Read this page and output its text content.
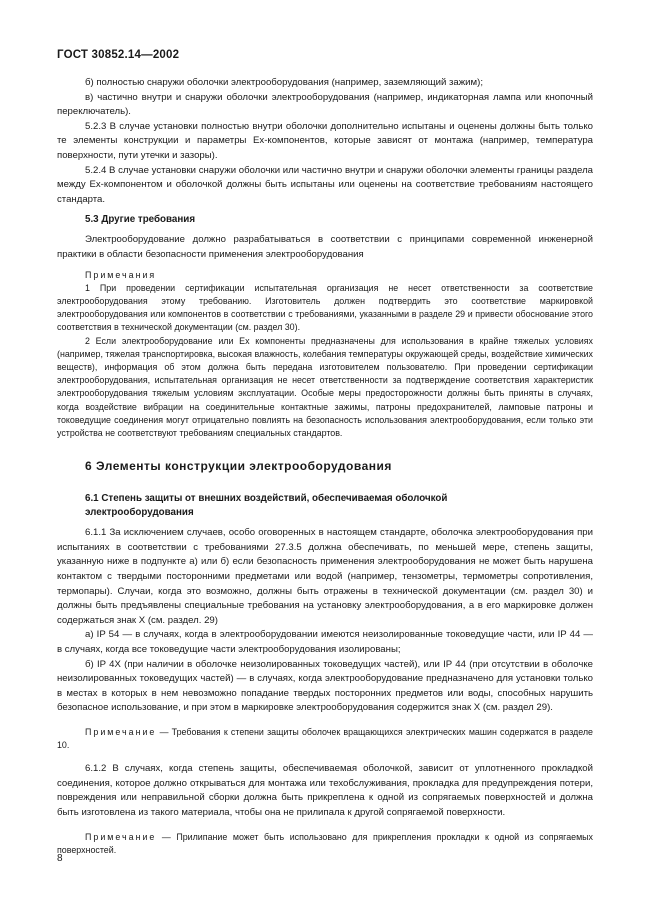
ГОСТ 30852.14—2002

б) полностью снаружи оболочки электрооборудования (например, заземляющий зажим);

в) частично внутри и снаружи оболочки электрооборудования (например, индикаторная лампа или кнопочный переключатель).

5.2.3 В случае установки полностью внутри оболочки дополнительно испытаны и оценены должны быть только те элементы конструкции и параметры Ex-компонентов, которые зависят от монтажа (например, температура поверхности, пути утечки и зазоры).

5.2.4 В случае установки снаружи оболочки или частично внутри и снаружи оболочки элементы границы раздела между Ex-компонентом и оболочкой должны быть испытаны или оценены на соответствие требованиям настоящего стандарта.

5.3 Другие требования

Электрооборудование должно разрабатываться в соответствии с принципами современной инженерной практики в области безопасности применения электрооборудования

Примечания

1 При проведении сертификации испытательная организация не несет ответственности за соответствие электрооборудования этому требованию. Изготовитель должен подтвердить это соответствие маркировкой электрооборудования или компонентов в соответствии с требованиями, указанными в разделе 29 и привести обоснование этого соответствия в технической документации (см. раздел 30).

2 Если электрооборудование или Ex компоненты предназначены для использования в крайне тяжелых условиях (например, тяжелая транспортировка, высокая влажность, колебания температуры окружающей среды, воздействие химических веществ), информация об этом должна быть передана изготовителем пользователю. При проведении сертификации электрооборудования, испытательная организация не несет ответственности за подтверждение соответствия характеристик электрооборудования тяжелым условиям эксплуатации. Особые меры предосторожности должны быть приняты в случаях, когда воздействие вибрации на соединительные контактные зажимы, патроны предохранителей, ламповые патроны и токоведущие соединения могут отрицательно повлиять на безопасность использования электрооборудования, если только эти устройства не соответствуют требованиям специальных стандартов.

6 Элементы конструкции электрооборудования

6.1 Степень защиты от внешних воздействий, обеспечиваемая оболочкой

электрооборудования

6.1.1 За исключением случаев, особо оговоренных в настоящем стандарте, оболочка электрооборудования при испытаниях в соответствии с требованиями 27.3.5 должна обеспечивать, по меньшей мере, степень защиты, указанную ниже в подпункте а) или б) если безопасность применения электрооборудования не может быть нарушена контактом с твердыми посторонними предметами или водой (например, тензометры, термометры сопротивления, термопары). Случаи, когда это возможно, должны быть отражены в технической документации (см. раздел 30) и должны быть предъявлены специальные требования на установку электрооборудования, а в его маркировке должен содержаться знак X (см. раздел. 29)

а) IP 54 — в случаях, когда в электрооборудовании имеются неизолированные токоведущие части, или IP 44 — в случаях, когда все токоведущие части электрооборудования изолированы;

б) IP 4X (при наличии в оболочке неизолированных токоведущих частей), или IP 44 (при отсутствии в оболочке неизолированных токоведущих частей) — в случаях, когда электрооборудование предназначено для установки только в местах в которых в нем невозможно попадание твердых посторонних предметов или воды, способных нарушить безопасное использование, и при этом в маркировке электрооборудования содержится знак X (см. раздел 29).

Примечание — Требования к степени защиты оболочек вращающихся электрических машин содержатся в разделе 10.

6.1.2 В случаях, когда степень защиты, обеспечиваемая оболочкой, зависит от уплотненного прокладкой соединения, которое должно открываться для монтажа или техобслуживания, прокладка для предупреждения потери, повреждения или неправильной сборки должна быть прикреплена к одной из сопрягаемых поверхностей и должна быть изготовлена из такого материала, чтобы она не прилипала к другой сопрягаемой поверхности.

Примечание — Прилипание может быть использовано для прикрепления прокладки к одной из сопрягаемых поверхностей.

8
